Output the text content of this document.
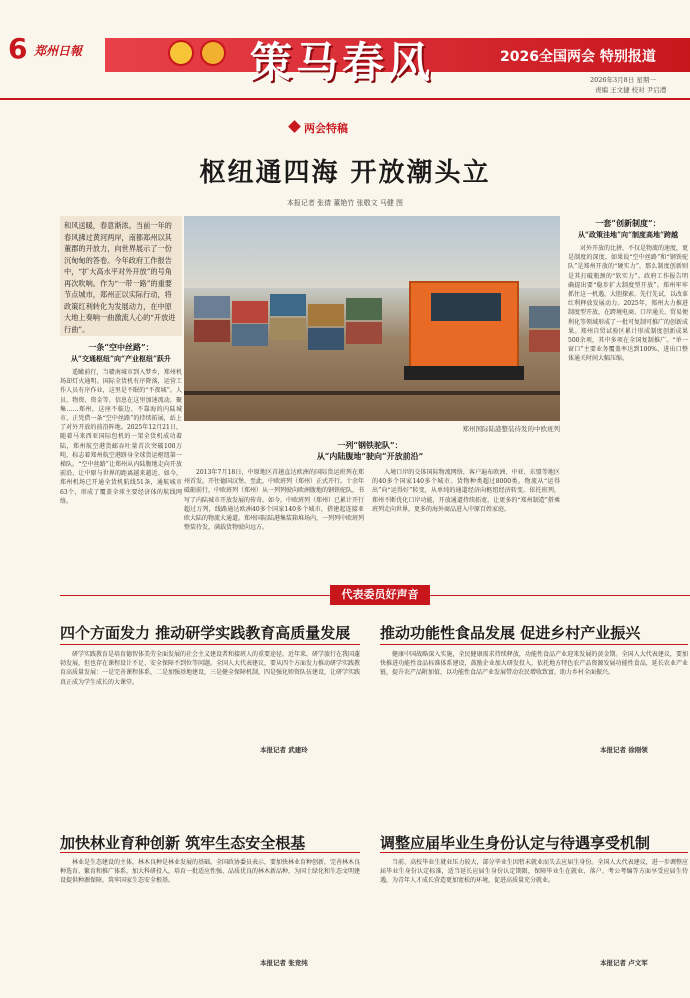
6 郑州日報	策马春风	2026全国两会 特别报道
2026年3月8日 星期一
责编 王文捷 校对 尹启澧
两会特稿
枢纽通四海 开放潮头立
本报记者 张倩 董艳竹 张敬文 马健 图
和风送暖，春意渐浓。当前一年的春风拂过黄河两岸，南都郑州以其董郡的开放力，向世界展示了一份沉甸甸的答卷。今年政府工作报告中，“扩大高水平对外开放”的号角再次吹响。作为“一带一路”的重要节点城市，郑州正以实际行动，将政策红利转化为发展动力，在中原大地上奏响一曲激流人心的“开放进行曲”。
郑州国际陆港整装待发的中欧班列
一条“空中丝路”：
从“交通枢纽”向“产业枢纽”跃升
遥瞰前行，当赣南城市到入梦乡，郑州机场却灯火通明。国际全货机有序降落，运营工作人员有序作业，这里是不眠的“不夜城”。人员、物资、资金等，信息在这里加速流动，聚集……郑州，这座不临边、不靠海的内陆城市，正凭借一条“空中丝路”的持续拓展，站上了对外开放的前沿阵地。2025年12月21日，随着马来西亚国际包机的一架全货机成功着陆，郑州航空港货邮吞吐量首次突破100万吨，标志着郑州航空港跻身全球货运枢纽第一梯队。“空中丝路”让郑州从内陆腹地走向开放前沿，让中原与世界的距离越来越近。如今，郑州机场已开通全货机航线51条，通航城市63个，形成了覆盖全球主要经济体的航线网络。
一列“钢铁驼队”：
从“内陆腹地”驶向“开放前沿”
2013年7月18日，中原地区首趟直达欧洲的国际货运班列在郑州首发。开往德国汉堡，至此，中欧班列（郑州）正式开行。十余年砥砺前行，中欧班列（郑州）从一列列驶向欧洲腹地的钢铁驼队，书写了内陆城市开放发展的传奇。如今，中欧班列（郑州）已累计开行超过万列，线路通达欧洲40多个国家140多个城市，搭建起连接亚欧大陆的物流大通道。郑州国际陆港集装箱堆场内，一列列中欧班列整装待发，满载货物驶向远方。
入境口岸的交体国际物流网络，客户遍布欧洲、中亚、东盟等地区的40多个国家140多个城市。货物种类超过8000类。物流从“运得出”向“运得好”转变，从单纯的通道经济向枢纽经济转变。依托班列，郑州不断优化口岸功能，开放通道持续拓宽，让更多的“郑州制造”搭乘班列走向世界，更多的海外商品进入中原百姓家庭。
一套“创新制度”：
从“政策洼地”向“制度高地”跨越
对外开放的比拼，不仅是物流的速度，更是制度的深度。如果说“空中丝路”和“钢铁驼队”是郑州开放的“硬实力”，那么制度创新则是其打破瓶颈的“软实力”。政府工作报告明确提出要“稳步扩大制度型开放”。郑州牢牢抓住这一机遇，大胆探索，先行先试，以改革红利释放发展动力。2025年，郑州大力推进制度型开放，在跨境电商、口岸通关、贸易便利化等领域形成了一批可复制可推广的创新成果。郑州自贸试验区累计形成制度创新成果500余项，其中多项在全国复制推广。“单一窗口”主要业务覆盖率达到100%，进出口整体通关时间大幅压缩。
代表委员好声音
四个方面发力 推动研学实践教育高质量发展
研学实践教育是培育德智体美劳全面发展的社会主义建设者和接班人的重要途径。近年来，研学旅行在我国蓬勃发展，但也存在课程设计不足、安全保障不到位等问题。全国人大代表建议，要从四个方面发力推动研学实践教育高质量发展：一是完善课程体系，二是加强基地建设，三是健全保障机制，四是强化师资队伍建设，让研学实践真正成为学生成长的大课堂。
本报记者 武建玲
推动功能性食品发展 促进乡村产业振兴
健康中国战略深入实施，全民健康需求持续释放，功能性食品产业迎来发展的黄金期。全国人大代表建议，要加快推进功能性食品标准体系建设，鼓励企业加大研发投入，依托地方特色农产品资源发展功能性食品，延长农业产业链，提升农产品附加值，以功能性食品产业发展带动农民增收致富，助力乡村全面振兴。
本报记者 徐刚领
加快林业育种创新 筑牢生态安全根基
林业是生态建设的主体，林木良种是林业发展的基础。全国政协委员表示，要加快林业育种创新，完善林木良种选育、繁育和推广体系，加大科研投入，培育一批适应性强、品质优良的林木新品种，为国土绿化和生态文明建设提供种源保障，筑牢国家生态安全根基。
本报记者 张竞纯
调整应届毕业生身份认定与待遇享受机制
当前，高校毕业生就业压力较大，部分毕业生因暂未就业而失去应届生身份。全国人大代表建议，进一步调整应届毕业生身份认定标准，适当延长应届生身份认定期限，保障毕业生在就业、落户、考公考编等方面享受应届生待遇，为青年人才成长营造更加宽松的环境，促进高质量充分就业。
本报记者 卢文军
